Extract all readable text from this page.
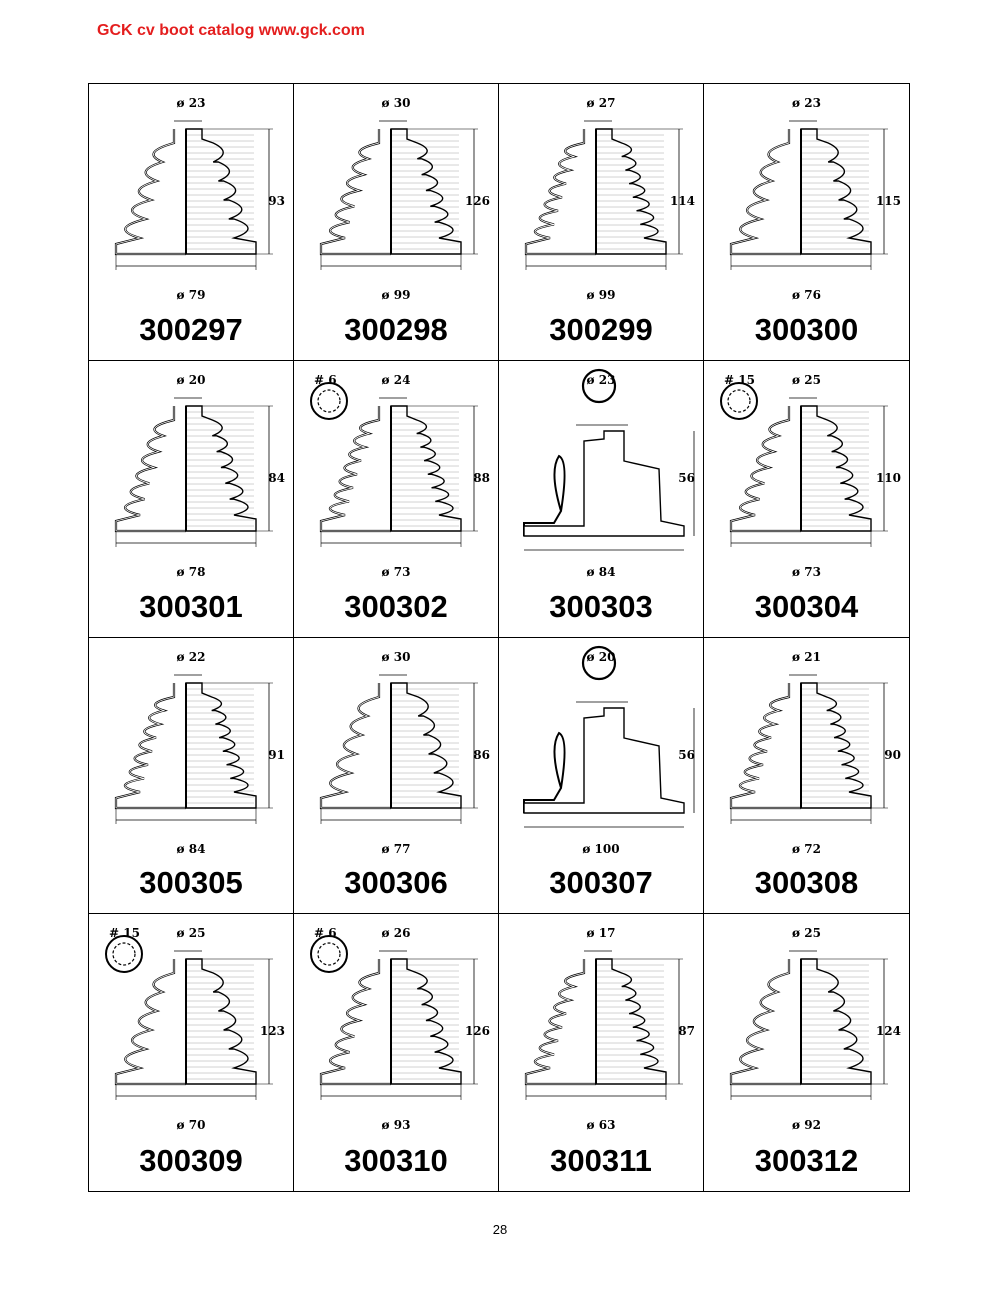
GCK cv boot catalog www.gck.com
ø 23
93
ø 79
300297
ø 30
126
ø 99
300298
ø 27
114
ø 99
300299
ø 23
115
ø 76
300300
ø 20
84
ø 78
300301
ø 24
88
ø 73
# 6
300302
ø 23
56
ø 84
300303
ø 25
110
ø 73
# 15
300304
ø 22
91
ø 84
300305
ø 30
86
ø 77
300306
ø 20
56
ø 100
300307
ø 21
90
ø 72
300308
ø 25
123
ø 70
# 15
300309
ø 26
126
ø 93
# 6
300310
ø 17
87
ø 63
300311
ø 25
124
ø 92
300312
28
